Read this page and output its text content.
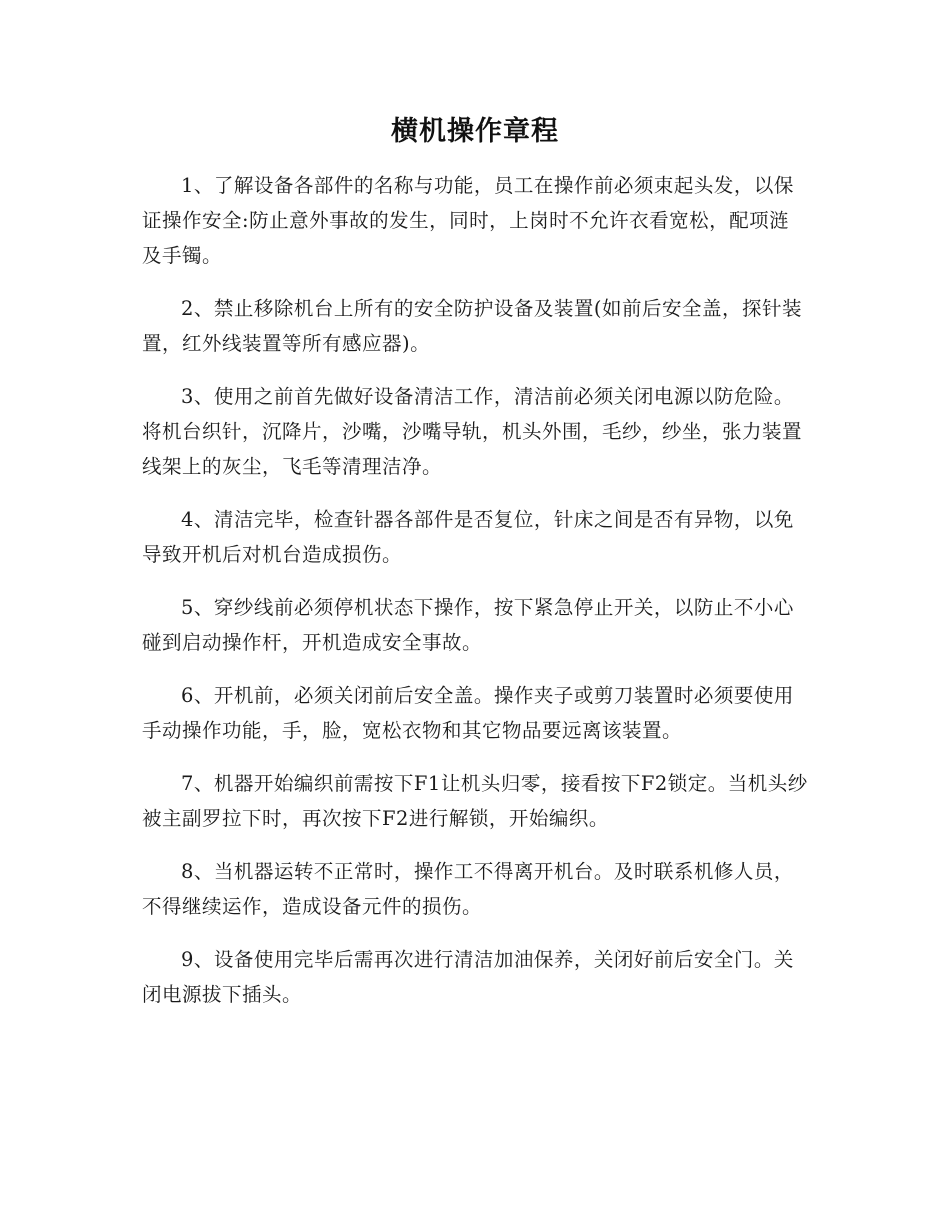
横机操作章程

1、了解设备各部件的名称与功能，员工在操作前必须束起头发，以保证操作安全:防止意外事故的发生，同时，上岗时不允许衣看宽松，配项涟及手镯。

2、禁止移除机台上所有的安全防护设备及装置(如前后安全盖，探针装置，红外线装置等所有感应器)。

3、使用之前首先做好设备清洁工作，清洁前必须关闭电源以防危险。将机台织针，沉降片，沙嘴，沙嘴导轨，机头外围，毛纱，纱坐，张力装置线架上的灰尘，飞毛等清理洁净。

4、清洁完毕，检查针器各部件是否复位，针床之间是否有异物，以免导致开机后对机台造成损伤。

5、穿纱线前必须停机状态下操作，按下紧急停止开关，以防止不小心碰到启动操作杆，开机造成安全事故。

6、开机前，必须关闭前后安全盖。操作夹子或剪刀装置时必须要使用手动操作功能，手，脸，宽松衣物和其它物品要远离该装置。

7、机器开始编织前需按下F1让机头归零，接看按下F2锁定。当机头纱被主副罗拉下时，再次按下F2进行解锁，开始编织。

8、当机器运转不正常时，操作工不得离开机台。及时联系机修人员，不得继续运作，造成设备元件的损伤。

9、设备使用完毕后需再次进行清洁加油保养，关闭好前后安全门。关闭电源拔下插头。
